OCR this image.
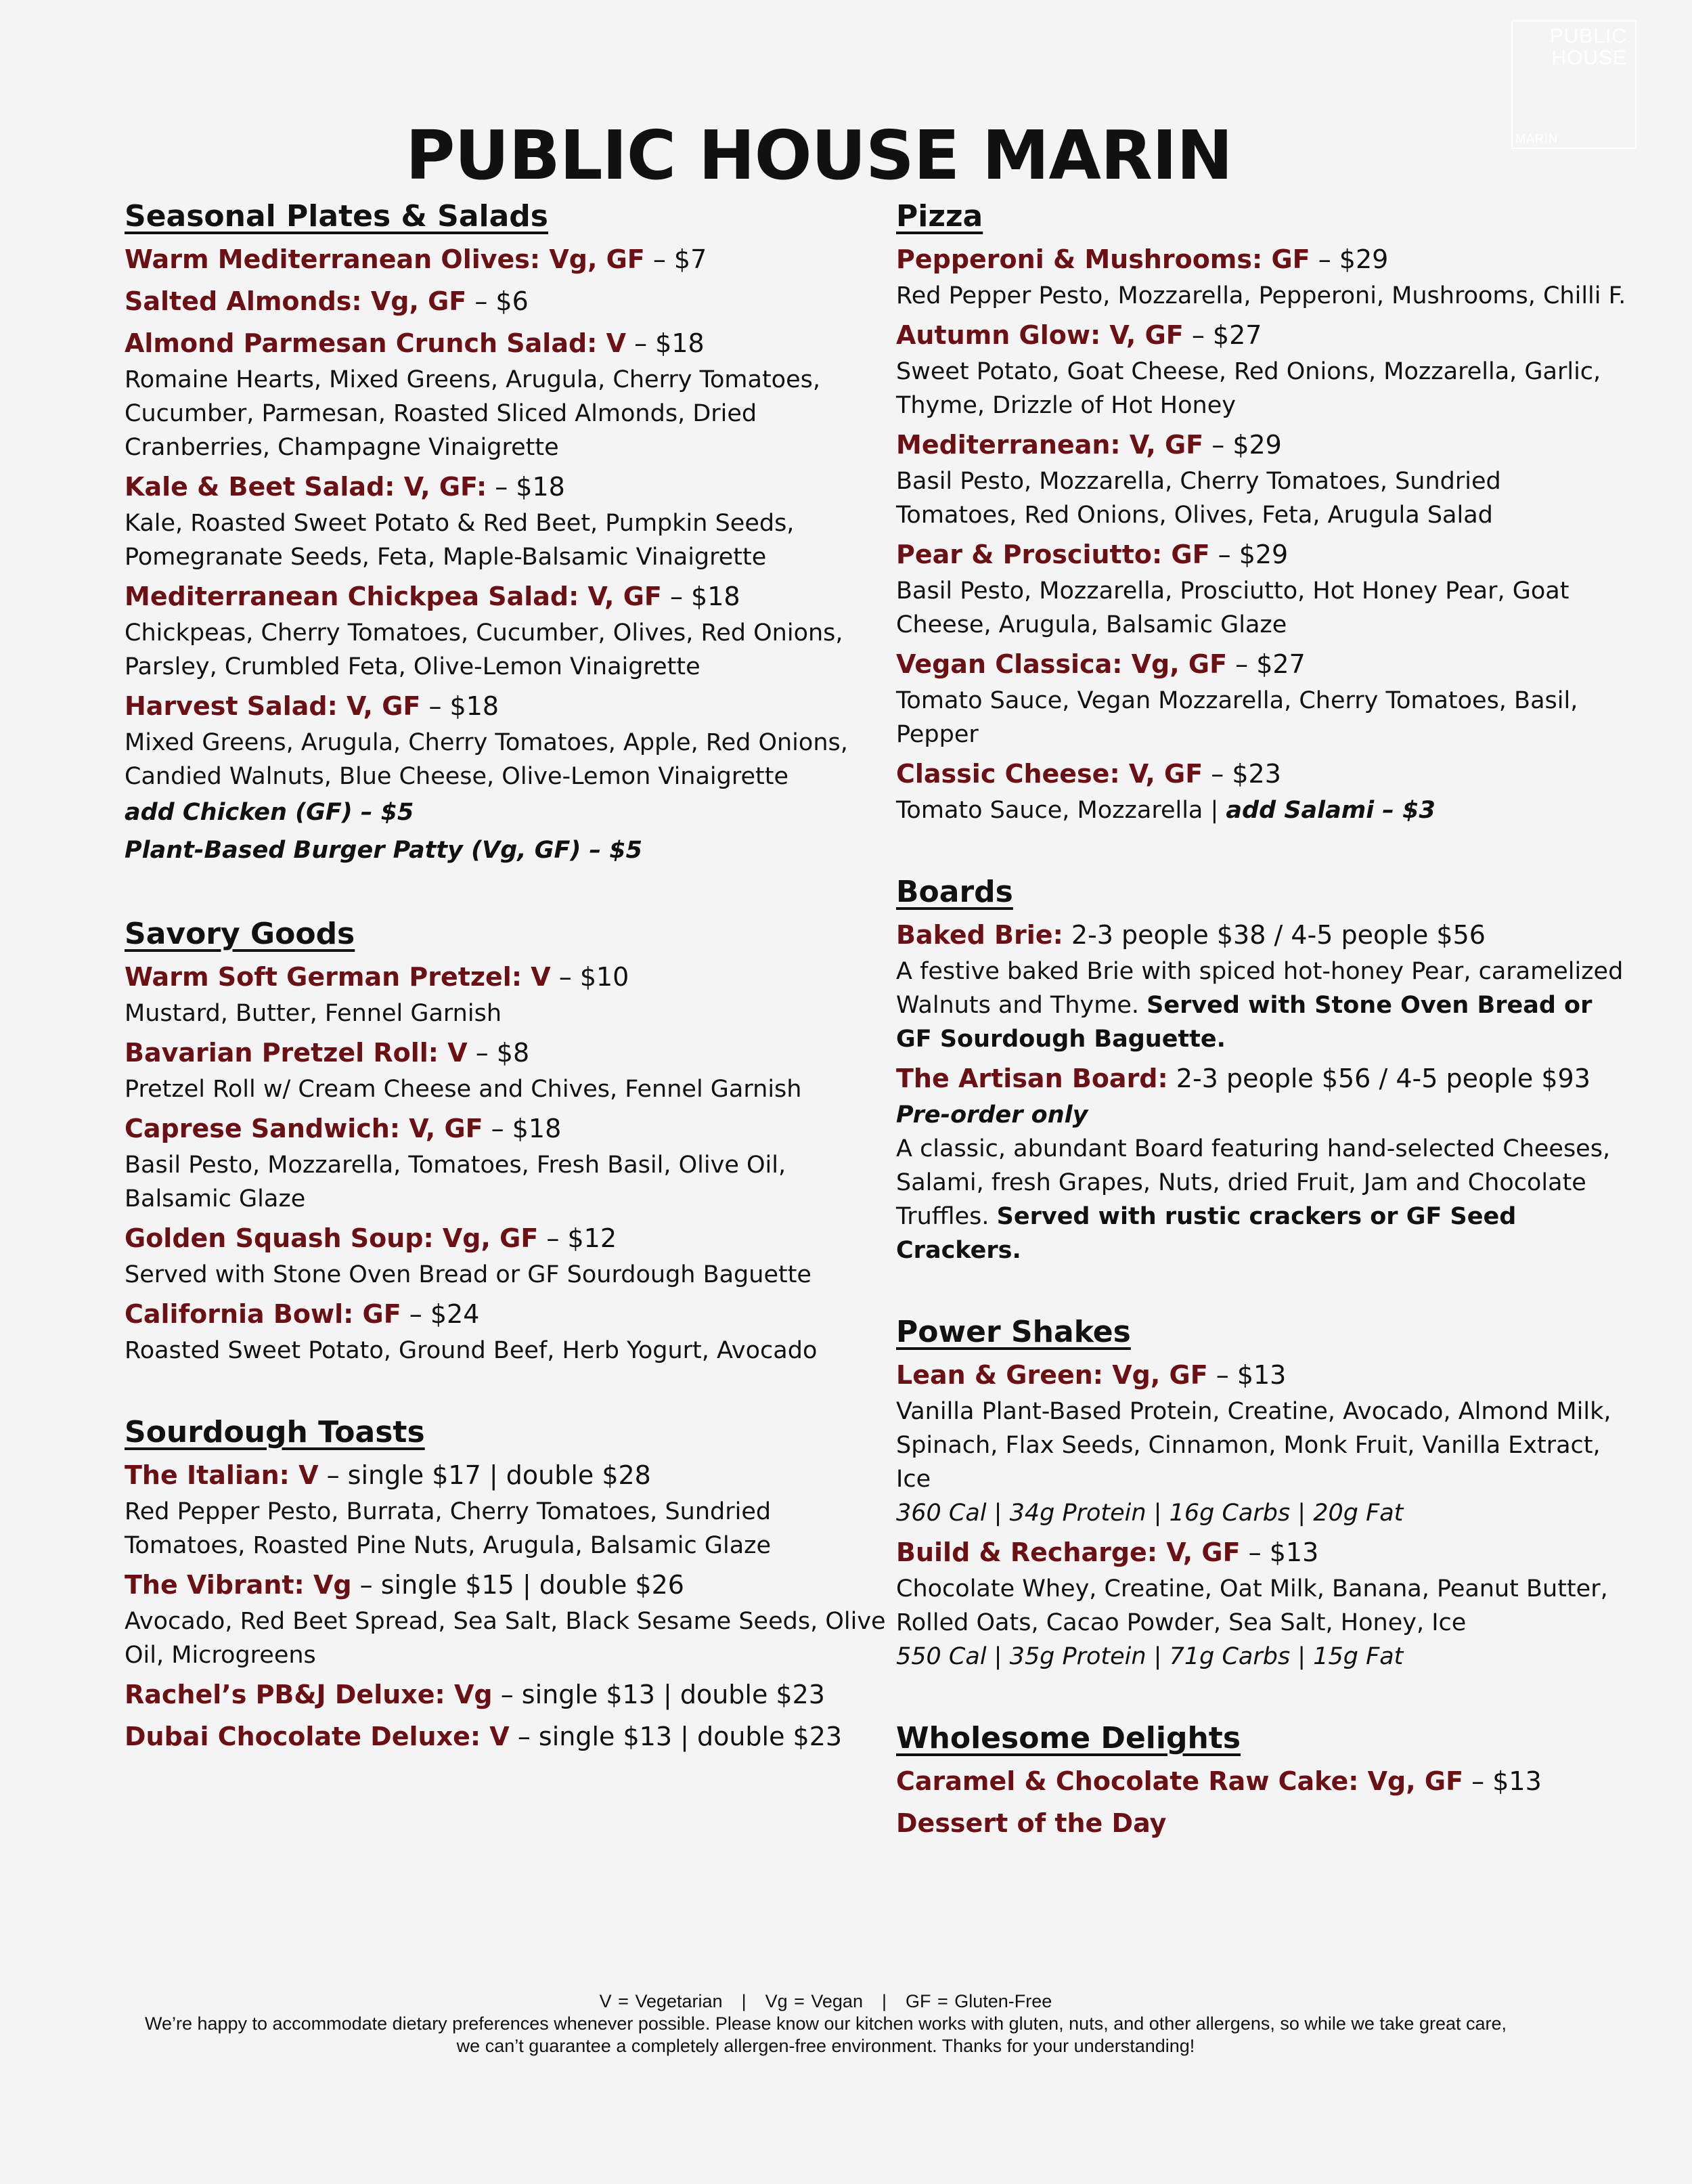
PUBLIC
HOUSE
MARIN
PUBLIC HOUSE MARIN
Seasonal Plates & Salads
Warm Mediterranean Olives: Vg, GF – $7
Salted Almonds: Vg, GF – $6
Almond Parmesan Crunch Salad: V – $18
Romaine Hearts, Mixed Greens, Arugula, Cherry Tomatoes, Cucumber, Parmesan, Roasted Sliced Almonds, Dried Cranberries, Champagne Vinaigrette
Kale & Beet Salad: V, GF: – $18
Kale, Roasted Sweet Potato & Red Beet, Pumpkin Seeds, Pomegranate Seeds, Feta, Maple-Balsamic Vinaigrette
Mediterranean Chickpea Salad: V, GF – $18
Chickpeas, Cherry Tomatoes, Cucumber, Olives, Red Onions, Parsley, Crumbled Feta, Olive-Lemon Vinaigrette
Harvest Salad: V, GF – $18
Mixed Greens, Arugula, Cherry Tomatoes, Apple, Red Onions, Candied Walnuts, Blue Cheese, Olive-Lemon Vinaigrette
add Chicken (GF) – $5
Plant-Based Burger Patty (Vg, GF) – $5
Savory Goods
Warm Soft German Pretzel: V – $10
Mustard, Butter, Fennel Garnish
Bavarian Pretzel Roll: V – $8
Pretzel Roll w/ Cream Cheese and Chives, Fennel Garnish
Caprese Sandwich: V, GF – $18
Basil Pesto, Mozzarella, Tomatoes, Fresh Basil, Olive Oil, Balsamic Glaze
Golden Squash Soup: Vg, GF – $12
Served with Stone Oven Bread or GF Sourdough Baguette
California Bowl: GF – $24
Roasted Sweet Potato, Ground Beef, Herb Yogurt, Avocado
Sourdough Toasts
The Italian: V – single $17 | double $28
Red Pepper Pesto, Burrata, Cherry Tomatoes, Sundried Tomatoes, Roasted Pine Nuts, Arugula, Balsamic Glaze
The Vibrant: Vg – single $15 | double $26
Avocado, Red Beet Spread, Sea Salt, Black Sesame Seeds, Olive Oil, Microgreens
Rachel’s PB&J Deluxe: Vg – single $13 | double $23
Dubai Chocolate Deluxe: V – single $13 | double $23
Pizza
Pepperoni & Mushrooms: GF – $29
Red Pepper Pesto, Mozzarella, Pepperoni, Mushrooms, Chilli F.
Autumn Glow: V, GF – $27
Sweet Potato, Goat Cheese, Red Onions, Mozzarella, Garlic, Thyme, Drizzle of Hot Honey
Mediterranean: V, GF – $29
Basil Pesto, Mozzarella, Cherry Tomatoes, Sundried Tomatoes, Red Onions, Olives, Feta, Arugula Salad
Pear & Prosciutto: GF – $29
Basil Pesto, Mozzarella, Prosciutto, Hot Honey Pear, Goat Cheese, Arugula, Balsamic Glaze
Vegan Classica: Vg, GF – $27
Tomato Sauce, Vegan Mozzarella, Cherry Tomatoes, Basil, Pepper
Classic Cheese: V, GF – $23
Tomato Sauce, Mozzarella | add Salami – $3
Boards
Baked Brie: 2-3 people $38 / 4-5 people $56
A festive baked Brie with spiced hot-honey Pear, caramelized Walnuts and Thyme. Served with Stone Oven Bread or GF Sourdough Baguette.
The Artisan Board: 2-3 people $56 / 4-5 people $93
Pre-order only
A classic, abundant Board featuring hand-selected Cheeses, Salami, fresh Grapes, Nuts, dried Fruit, Jam and Chocolate Truffles. Served with rustic crackers or GF Seed Crackers.
Power Shakes
Lean & Green: Vg, GF – $13
Vanilla Plant-Based Protein, Creatine, Avocado, Almond Milk, Spinach, Flax Seeds, Cinnamon, Monk Fruit, Vanilla Extract, Ice
360 Cal | 34g Protein | 16g Carbs | 20g Fat
Build & Recharge: V, GF – $13
Chocolate Whey, Creatine, Oat Milk, Banana, Peanut Butter, Rolled Oats, Cacao Powder, Sea Salt, Honey, Ice
550 Cal | 35g Protein | 71g Carbs | 15g Fat
Wholesome Delights
Caramel & Chocolate Raw Cake: Vg, GF – $13
Dessert of the Day
V = Vegetarian | Vg = Vegan | GF = Gluten-Free
We’re happy to accommodate dietary preferences whenever possible. Please know our kitchen works with gluten, nuts, and other allergens, so while we take great care, we can’t guarantee a completely allergen-free environment. Thanks for your understanding!
